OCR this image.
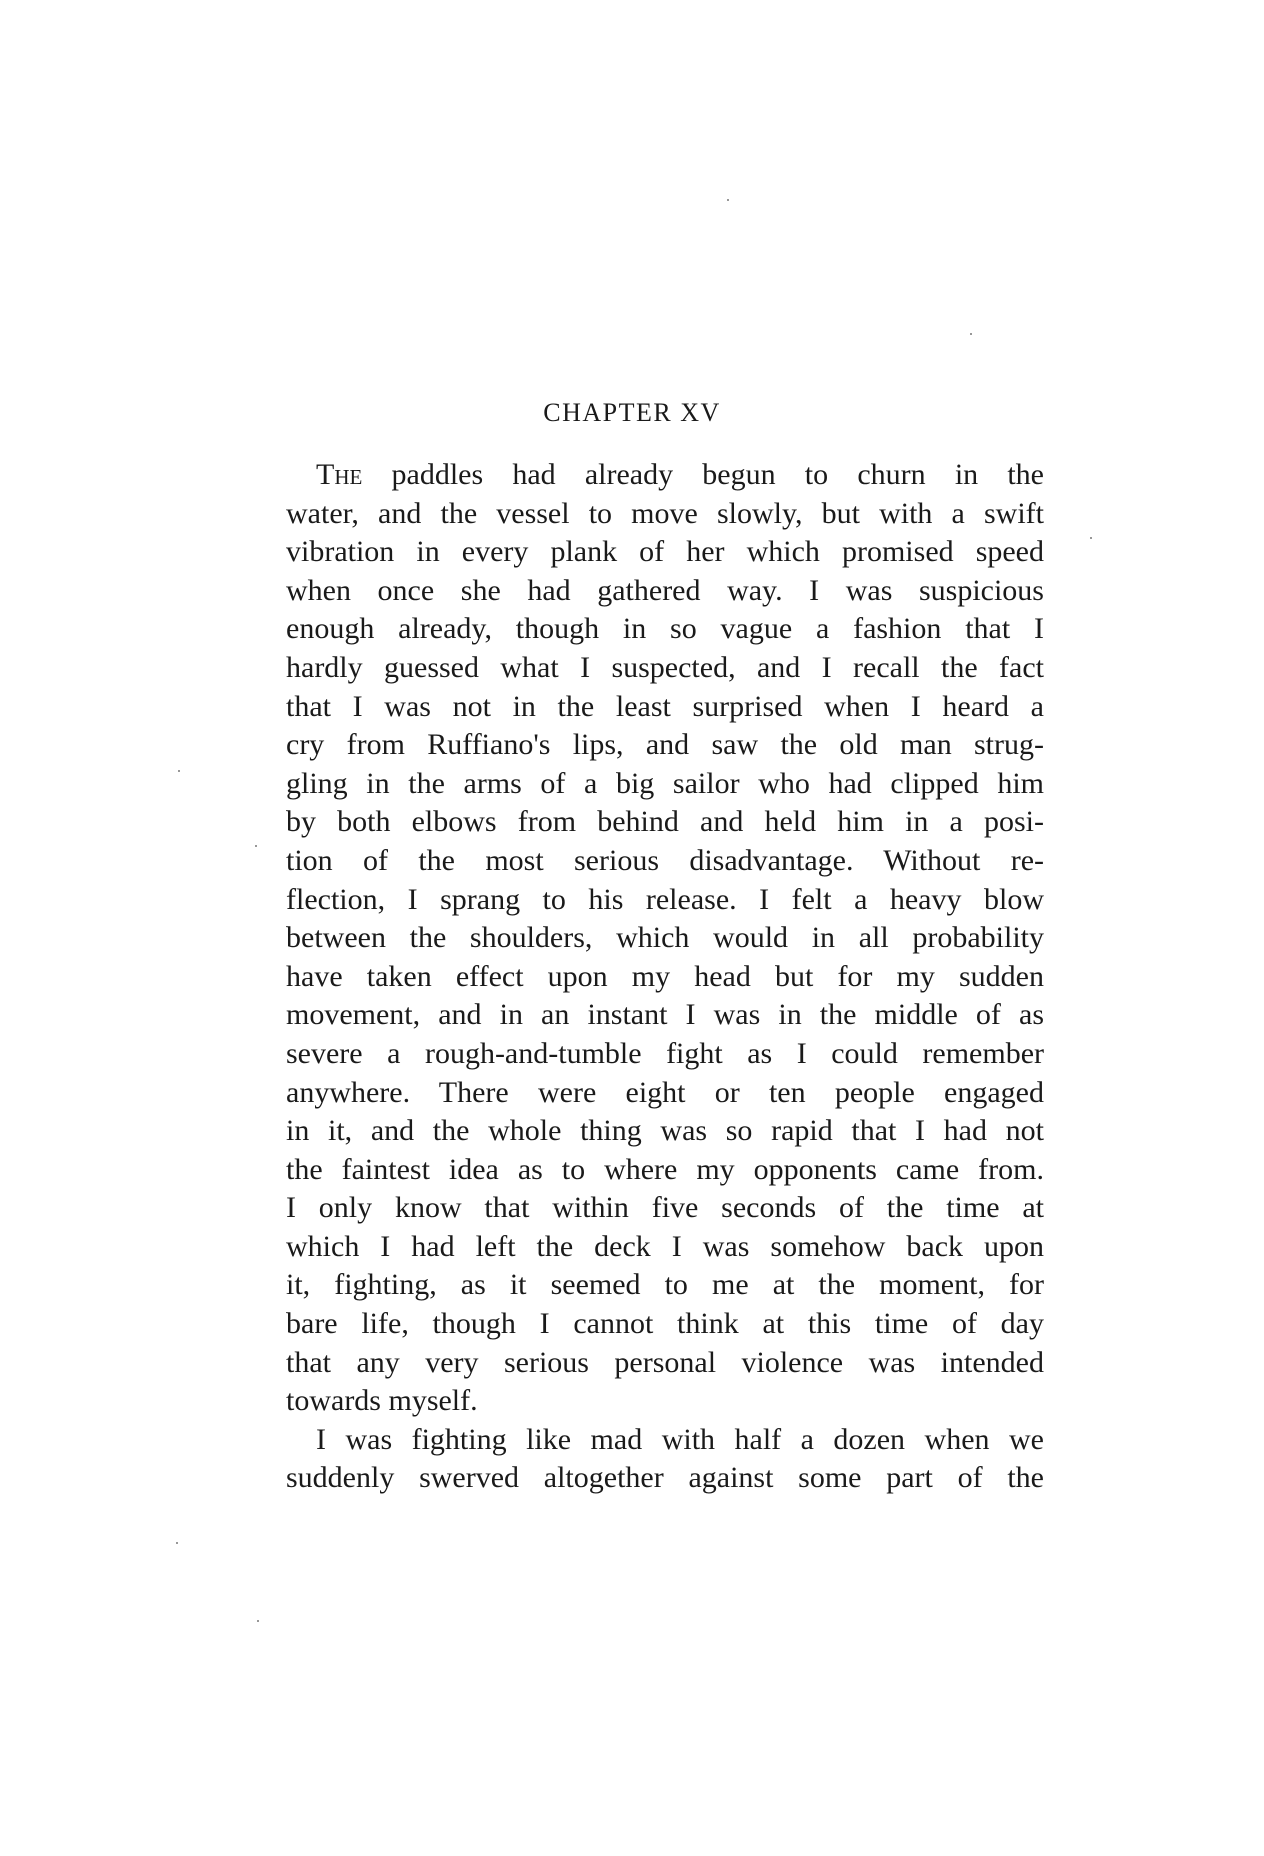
CHAPTER XV
The paddles had already begun to churn in the
water, and the vessel to move slowly, but with a swift
vibration in every plank of her which promised speed
when once she had gathered way. I was suspicious
enough already, though in so vague a fashion that I
hardly guessed what I suspected, and I recall the fact
that I was not in the least surprised when I heard a
cry from Ruffiano's lips, and saw the old man strug-
gling in the arms of a big sailor who had clipped him
by both elbows from behind and held him in a posi-
tion of the most serious disadvantage. Without re-
flection, I sprang to his release. I felt a heavy blow
between the shoulders, which would in all probability
have taken effect upon my head but for my sudden
movement, and in an instant I was in the middle of as
severe a rough-and-tumble fight as I could remember
anywhere. There were eight or ten people engaged
in it, and the whole thing was so rapid that I had not
the faintest idea as to where my opponents came from.
I only know that within five seconds of the time at
which I had left the deck I was somehow back upon
it, fighting, as it seemed to me at the moment, for
bare life, though I cannot think at this time of day
that any very serious personal violence was intended
towards myself.
I was fighting like mad with half a dozen when we
suddenly swerved altogether against some part of the
